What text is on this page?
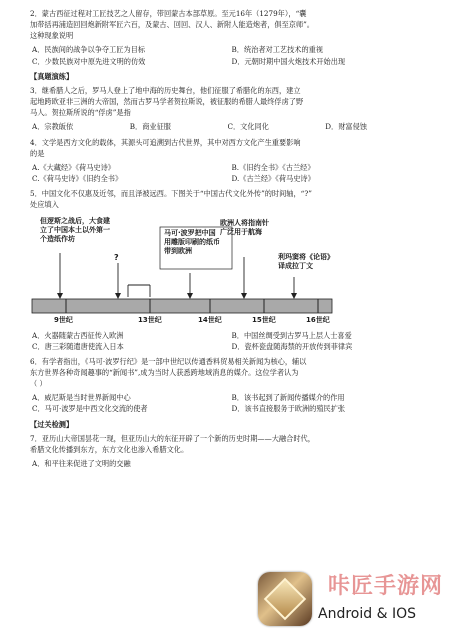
2．蒙古西征过程对工匠技艺之人留存，带回蒙古本部草原。至元16年（1279年），“囊
加带括再浦造回回炮新附军匠六百，及蒙古、回回、汉人、新附人能造炮者，俱至京师”。
这种现象说明
A．民族间的战争以争夺工匠为目标	B．统治者对工艺技术的重视
C．少数民族对中原先进文明的仿效	D．元朝时期中国火炮技术开始出现
【真题演练】
3．继希腊人之后，罗马人登上了地中海的历史舞台，他们征服了希腊化的东西，建立
起地跨欧亚非三洲的大帝国，然而古罗马学者贺拉斯说，被征服的希腊人最终俘虏了野
马人。贺拉斯所说的“俘虏”是指
A．宗教皈依	B．商业征服	C．文化同化	D．财富侵蚀
4．文学是西方文化的载体，其源头可追溯到古代世界，其中对西方文化产生重要影响
的是
A.《大藏经》《荷马史诗》	B.《旧约全书》《古兰经》
C.《荷马史诗》《旧约全书》	D.《古兰经》《荷马史诗》
5．中国文化不仅惠及近邻，而且泽被远西。下图关于“中国古代文化外传”的时间轴，“?”
处应填入
但逻斯之战后，大食建
立了中国本土以外第一
个造纸作坊
?
马可·波罗把中国
用雕版印刷的纸币
带到欧洲
欧洲人将指南针
广泛用于航海
利玛窦将《论语》
译成拉丁文
9世纪	13世纪	14世纪	15世纪	16世纪
A．火器随蒙古西征传入欧洲	B．中国丝绸受到古罗马上层人士喜爱
C．唐三彩随遣唐使流入日本	D．瓷杯瓷盘随海禁的开放传到菲律宾
6．有学者指出，《马可·波罗行纪》是一部中世纪以传通香料贸易相关新闻为核心，辅以
东方世界各种奇闻趣事的“新闻书”,成为当时人获悉跨地域消息的媒介。这位学者认为
（ ）
A．威尼斯是当时世界新闻中心	B．该书起到了新闻传播媒介的作用
C．马可·波罗是中西文化交流的使者	D．该书直接服务于欧洲的殖民扩张
【过关检测】
7．亚历山大帝国昙花一现，但亚历山大的东征开辟了一个新的历史时期——大融合时代，
希腊文化传播到东方，东方文化也渗入希腊文化。
A．和平往来促进了文明的交融
咔匠手游网
Android & IOS
